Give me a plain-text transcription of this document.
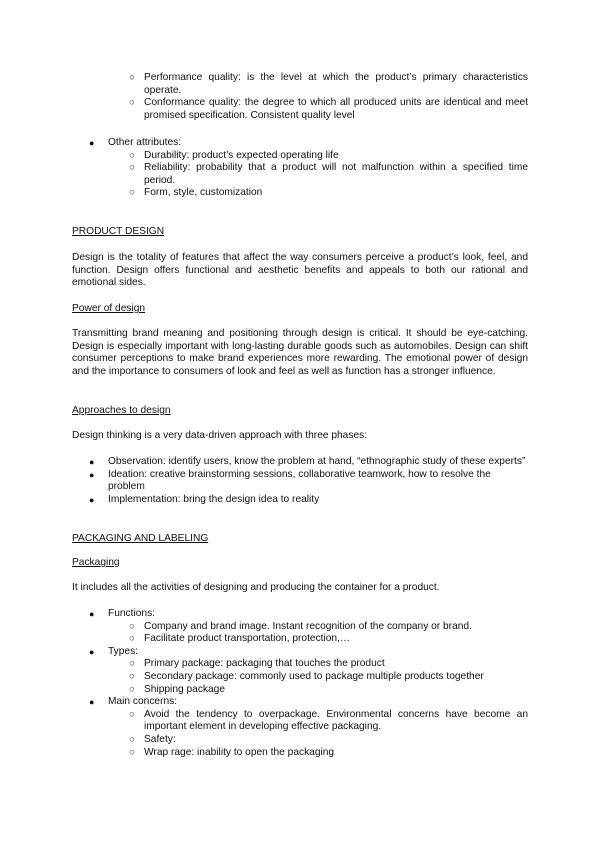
○ Performance quality: is the level at which the product’s primary characteristics operate.
○ Conformance quality: the degree to which all produced units are identical and meet promised specification. Consistent quality level
● Other attributes:
○ Durability: product’s expected operating life
○ Reliability: probability that a product will not malfunction within a specified time period.
○ Form, style, customization
PRODUCT DESIGN
Design is the totality of features that affect the way consumers perceive a product’s look, feel, and function. Design offers functional and aesthetic benefits and appeals to both our rational and emotional sides.
Power of design
Transmitting brand meaning and positioning through design is critical. It should be eye-catching. Design is especially important with long-lasting durable goods such as automobiles. Design can shift consumer perceptions to make brand experiences more rewarding. The emotional power of design and the importance to consumers of look and feel as well as function has a stronger influence.
Approaches to design
Design thinking is a very data-driven approach with three phases:
● Observation: identify users, know the problem at hand, “ethnographic study of these experts”
● Ideation: creative brainstorming sessions, collaborative teamwork, how to resolve the problem
● Implementation: bring the design idea to reality
PACKAGING AND LABELING
Packaging
It includes all the activities of designing and producing the container for a product.
● Functions:
○ Company and brand image. Instant recognition of the company or brand.
○ Facilitate product transportation, protection,…
● Types:
○ Primary package: packaging that touches the product
○ Secondary package: commonly used to package multiple products together
○ Shipping package
● Main concerns:
○ Avoid the tendency to overpackage. Environmental concerns have become an important element in developing effective packaging.
○ Safety:
○ Wrap rage: inability to open the packaging
